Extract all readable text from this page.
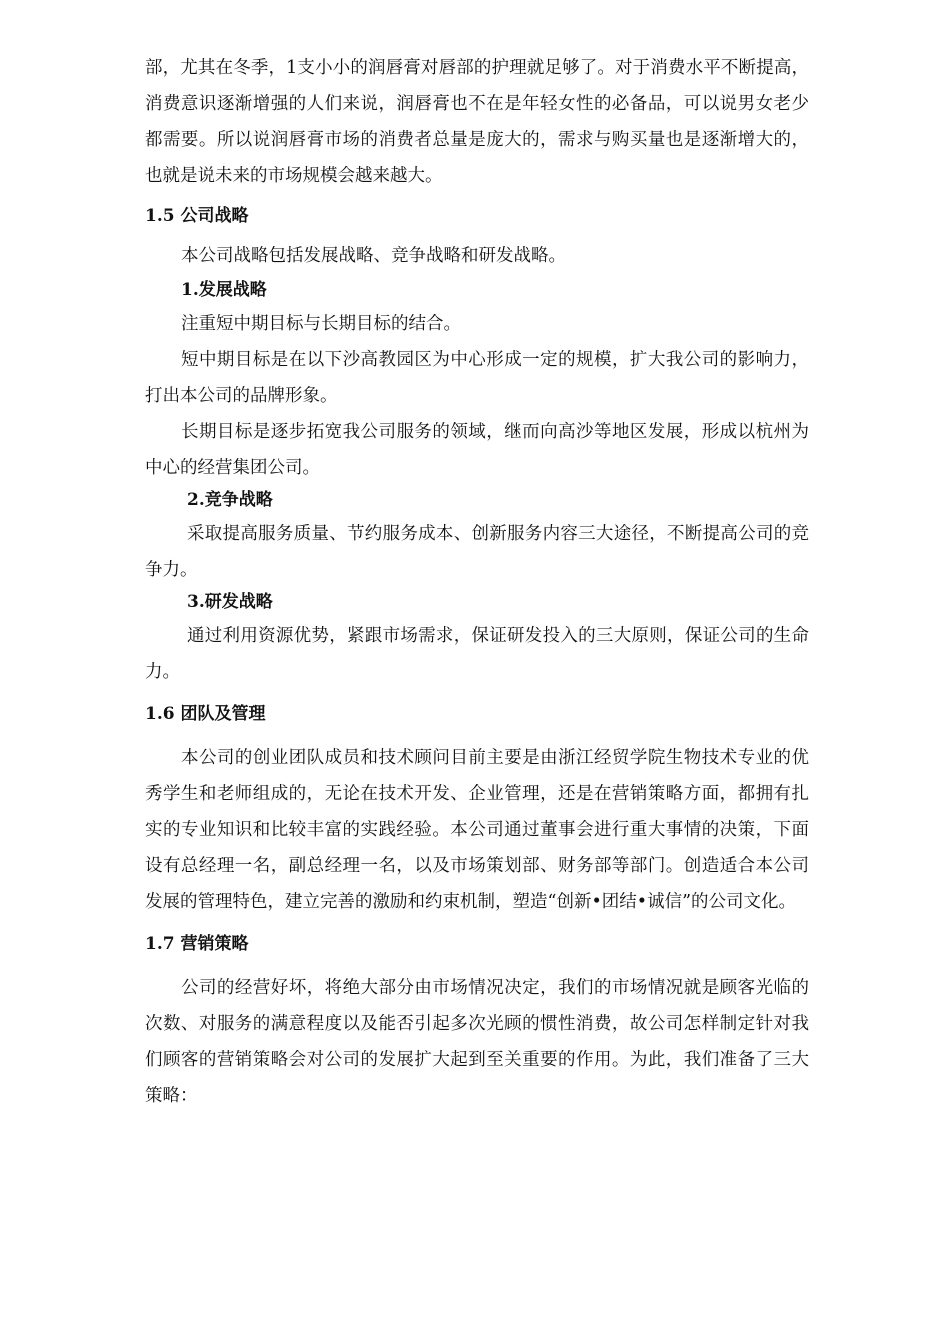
部，尤其在冬季，1支小小的润唇膏对唇部的护理就足够了。对于消费水平不断提高，消费意识逐渐增强的人们来说，润唇膏也不在是年轻女性的必备品，可以说男女老少都需要。所以说润唇膏市场的消费者总量是庞大的，需求与购买量也是逐渐增大的，也就是说未来的市场规模会越来越大。

1.5 公司战略

本公司战略包括发展战略、竞争战略和研发战略。

1.发展战略

注重短中期目标与长期目标的结合。

短中期目标是在以下沙高教园区为中心形成一定的规模，扩大我公司的影响力，打出本公司的品牌形象。

长期目标是逐步拓宽我公司服务的领域，继而向高沙等地区发展，形成以杭州为中心的经营集团公司。

2.竞争战略

采取提高服务质量、节约服务成本、创新服务内容三大途径，不断提高公司的竞争力。

3.研发战略

通过利用资源优势，紧跟市场需求，保证研发投入的三大原则，保证公司的生命力。

1.6 团队及管理

本公司的创业团队成员和技术顾问目前主要是由浙江经贸学院生物技术专业的优秀学生和老师组成的，无论在技术开发、企业管理，还是在营销策略方面，都拥有扎实的专业知识和比较丰富的实践经验。本公司通过董事会进行重大事情的决策，下面设有总经理一名，副总经理一名，以及市场策划部、财务部等部门。创造适合本公司发展的管理特色，建立完善的激励和约束机制，塑造“创新•团结•诚信”的公司文化。

1.7 营销策略

公司的经营好坏，将绝大部分由市场情况决定，我们的市场情况就是顾客光临的次数、对服务的满意程度以及能否引起多次光顾的惯性消费，故公司怎样制定针对我们顾客的营销策略会对公司的发展扩大起到至关重要的作用。为此，我们准备了三大策略：
